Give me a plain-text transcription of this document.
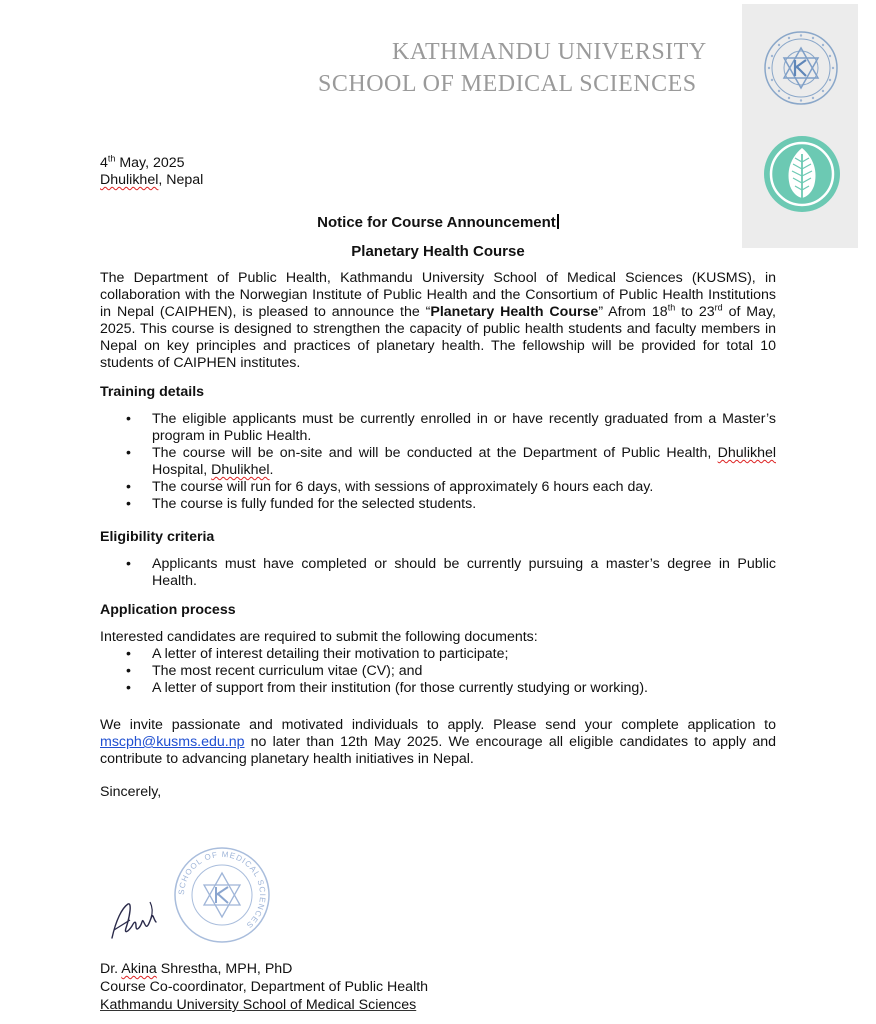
KATHMANDU UNIVERSITY
SCHOOL OF MEDICAL SCIENCES
4th May, 2025
Dhulikhel, Nepal
Notice for Course Announcement
Planetary Health Course

The Department of Public Health, Kathmandu University School of Medical Sciences (KUSMS), in collaboration with the Norwegian Institute of Public Health and the Consortium of Public Health Institutions in Nepal (CAIPHEN), is pleased to announce the “Planetary Health Course” Afrom 18th to 23rd of May, 2025. This course is designed to strengthen the capacity of public health students and faculty members in Nepal on key principles and practices of planetary health. The fellowship will be provided for total 10 students of CAIPHEN institutes.

Training details
• The eligible applicants must be currently enrolled in or have recently graduated from a Master’s program in Public Health.
• The course will be on-site and will be conducted at the Department of Public Health, Dhulikhel Hospital, Dhulikhel.
• The course will run for 6 days, with sessions of approximately 6 hours each day.
• The course is fully funded for the selected students.
Eligibility criteria
• Applicants must have completed or should be currently pursuing a master’s degree in Public Health.
Application process
Interested candidates are required to submit the following documents:
• A letter of interest detailing their motivation to participate;
• The most recent curriculum vitae (CV); and
• A letter of support from their institution (for those currently studying or working).

We invite passionate and motivated individuals to apply. Please send your complete application to mscph@kusms.edu.np no later than 12th May 2025. We encourage all eligible candidates to apply and contribute to advancing planetary health initiatives in Nepal.

Sincerely,
SCHOOL OF MEDICAL SCIENCES
Dr. Akina Shrestha, MPH, PhD
Course Co-coordinator, Department of Public Health
Kathmandu University School of Medical Sciences
